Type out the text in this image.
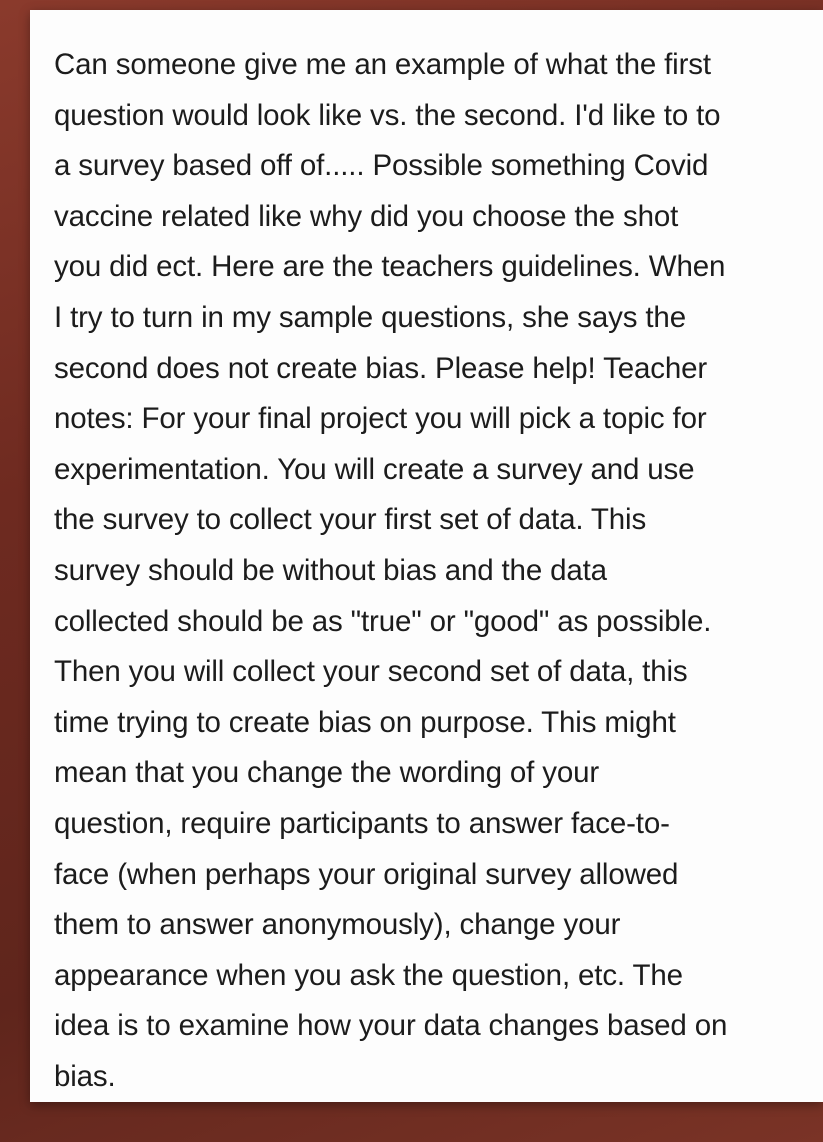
Can someone give me an example of what the first
question would look like vs. the second. I'd like to to
a survey based off of..... Possible something Covid
vaccine related like why did you choose the shot
you did ect. Here are the teachers guidelines. When
I try to turn in my sample questions, she says the
second does not create bias. Please help! Teacher
notes: For your final project you will pick a topic for
experimentation. You will create a survey and use
the survey to collect your first set of data. This
survey should be without bias and the data
collected should be as "true" or "good" as possible.
Then you will collect your second set of data, this
time trying to create bias on purpose. This might
mean that you change the wording of your
question, require participants to answer face-to-
face (when perhaps your original survey allowed
them to answer anonymously), change your
appearance when you ask the question, etc. The
idea is to examine how your data changes based on
bias.
